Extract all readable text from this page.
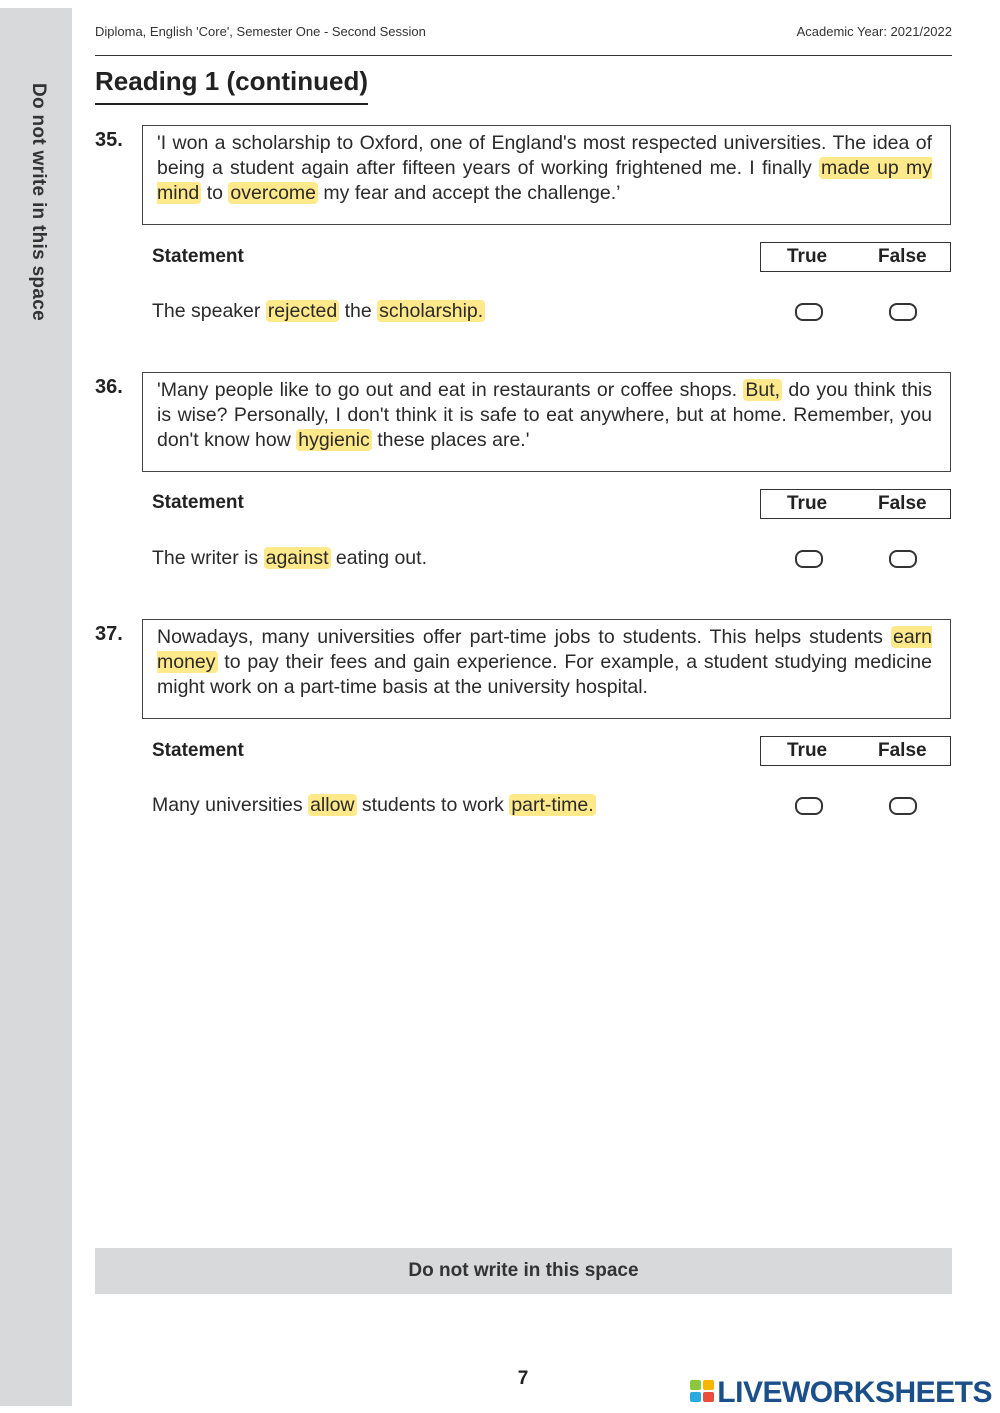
Do not write in this space
Diploma, English 'Core', Semester One - Second Session	Academic Year: 2021/2022
Reading 1 (continued)
35.	'I won a scholarship to Oxford, one of England's most respected universities. The idea of being a student again after fifteen years of working frightened me. I finally made up my mind to overcome my fear and accept the challenge.’
Statement	True	False
The speaker rejected the scholarship.
36.	'Many people like to go out and eat in restaurants or coffee shops. But, do you think this is wise? Personally, I don't think it is safe to eat anywhere, but at home. Remember, you don't know how hygienic these places are.'
Statement	True	False
The writer is against eating out.
37.	Nowadays, many universities offer part-time jobs to students. This helps students earn money to pay their fees and gain experience. For example, a student studying medicine might work on a part-time basis at the university hospital.
Statement	True	False
Many universities allow students to work part-time.
Do not write in this space
7	LIVEWORKSHEETS
